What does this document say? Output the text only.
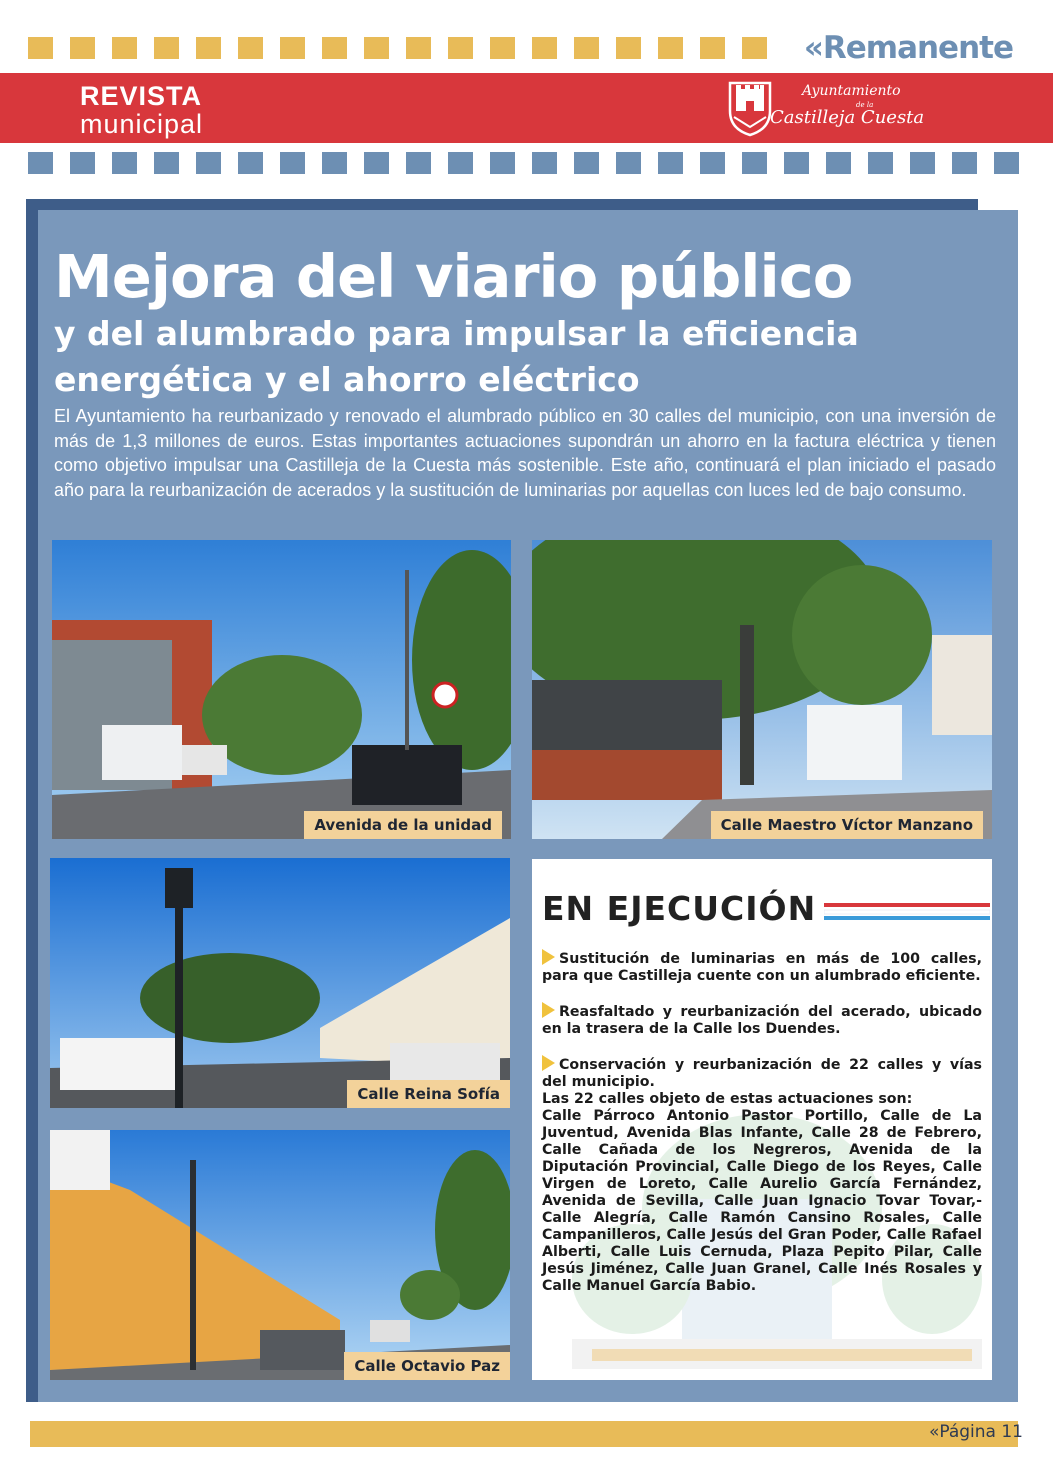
«Remanente
REVISTA
municipal
Ayuntamiento
de la
Castilleja Cuesta
Mejora del viario público
y del alumbrado para impulsar la eficiencia
energética y el ahorro eléctrico
El Ayuntamiento ha reurbanizado y renovado el alumbrado público en 30 calles del municipio, con una inversión de más de 1,3 millones de euros. Estas importantes actuaciones supondrán un ahorro en la factura eléctrica y tienen como objetivo impulsar una Castilleja de la Cuesta más sostenible. Este año, continuará el plan iniciado el pasado año para la reurbanización de acerados y la sustitución de luminarias por aquellas con luces led de bajo consumo.
Avenida de la unidad	Calle Maestro Víctor Manzano
Calle Reina Sofía
Calle Octavio Paz
EN EJECUCIÓN
Sustitución de luminarias en más de 100 calles, para que Castilleja cuente con un alumbrado eficiente.
Reasfaltado y reurbanización del acerado, ubicado en la trasera de la Calle los Duendes.
Conservación y reurbanización de 22 calles y vías del municipio.
Las 22 calles objeto de estas actuaciones son:
Calle Párroco Antonio Pastor Portillo, Calle de La Juventud, Avenida Blas Infante, Calle 28 de Febrero, Calle Cañada de los Negreros, Avenida de la Diputación Provincial, Calle Diego de los Reyes, Calle Virgen de Loreto, Calle Aurelio García Fernández, Avenida de Sevilla, Calle Juan Ignacio Tovar Tovar,- Calle Alegría, Calle Ramón Cansino Rosales, Calle Campanilleros, Calle Jesús del Gran Poder, Calle Rafael Alberti, Calle Luis Cernuda, Plaza Pepito Pilar, Calle Jesús Jiménez, Calle Juan Granel, Calle Inés Rosales y Calle Manuel García Babio.
«Página 11
